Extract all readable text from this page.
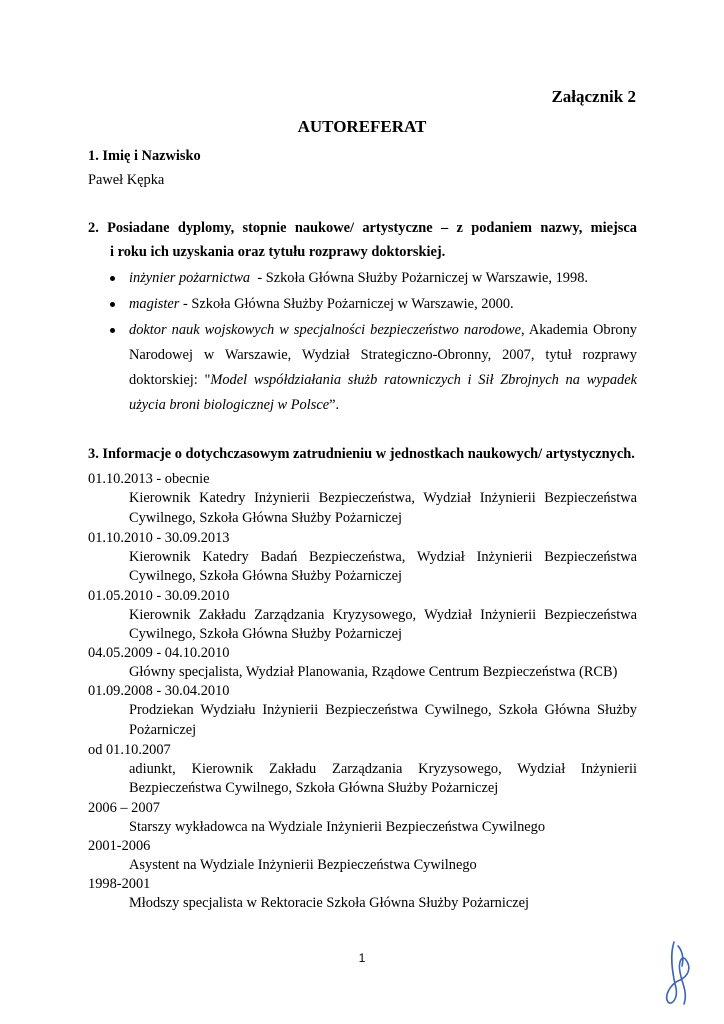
Załącznik 2
AUTOREFERAT
1. Imię i Nazwisko
Paweł Kępka
2. Posiadane dyplomy, stopnie naukowe/ artystyczne – z podaniem nazwy, miejsca
i roku ich uzyskania oraz tytułu rozprawy doktorskiej.
inżynier pożarnictwa  - Szkoła Główna Służby Pożarniczej w Warszawie, 1998.
magister - Szkoła Główna Służby Pożarniczej w Warszawie, 2000.
doktor nauk wojskowych w specjalności bezpieczeństwo narodowe, Akademia Obrony
Narodowej w Warszawie, Wydział Strategiczno-Obronny, 2007, tytuł rozprawy
doktorskiej: "Model współdziałania służb ratowniczych i Sił Zbrojnych na wypadek
użycia broni biologicznej w Polsce”.
3. Informacje o dotychczasowym zatrudnieniu w jednostkach naukowych/ artystycznych.
01.10.2013 - obecnie
Kierownik Katedry Inżynierii Bezpieczeństwa, Wydział Inżynierii Bezpieczeństwa
Cywilnego, Szkoła Główna Służby Pożarniczej
01.10.2010 - 30.09.2013
Kierownik Katedry Badań Bezpieczeństwa, Wydział Inżynierii Bezpieczeństwa
Cywilnego, Szkoła Główna Służby Pożarniczej
01.05.2010 - 30.09.2010
Kierownik Zakładu Zarządzania Kryzysowego, Wydział Inżynierii Bezpieczeństwa
Cywilnego, Szkoła Główna Służby Pożarniczej
04.05.2009 - 04.10.2010
Główny specjalista, Wydział Planowania, Rządowe Centrum Bezpieczeństwa (RCB)
01.09.2008 - 30.04.2010
Prodziekan Wydziału Inżynierii Bezpieczeństwa Cywilnego, Szkoła Główna Służby
Pożarniczej
od 01.10.2007
adiunkt, Kierownik Zakładu Zarządzania Kryzysowego, Wydział Inżynierii
Bezpieczeństwa Cywilnego, Szkoła Główna Służby Pożarniczej
2006 – 2007
Starszy wykładowca na Wydziale Inżynierii Bezpieczeństwa Cywilnego
2001-2006
Asystent na Wydziale Inżynierii Bezpieczeństwa Cywilnego
1998-2001
Młodszy specjalista w Rektoracie Szkoła Główna Służby Pożarniczej
1
